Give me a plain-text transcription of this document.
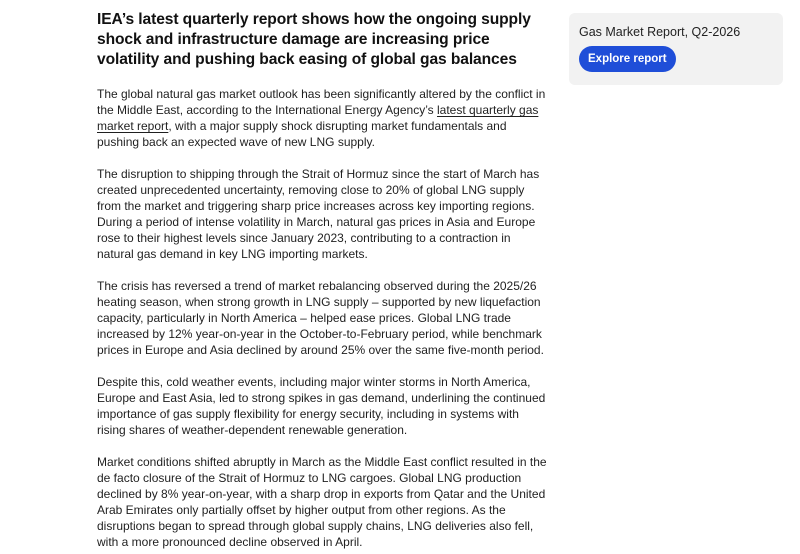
IEA’s latest quarterly report shows how the ongoing supply shock and infrastructure damage are increasing price volatility and pushing back easing of global gas balances

The global natural gas market outlook has been significantly altered by the conflict in the Middle East, according to the International Energy Agency’s latest quarterly gas market report, with a major supply shock disrupting market fundamentals and pushing back an expected wave of new LNG supply.

The disruption to shipping through the Strait of Hormuz since the start of March has created unprecedented uncertainty, removing close to 20% of global LNG supply from the market and triggering sharp price increases across key importing regions. During a period of intense volatility in March, natural gas prices in Asia and Europe rose to their highest levels since January 2023, contributing to a contraction in natural gas demand in key LNG importing markets.

The crisis has reversed a trend of market rebalancing observed during the 2025/26 heating season, when strong growth in LNG supply – supported by new liquefaction capacity, particularly in North America – helped ease prices. Global LNG trade increased by 12% year-on-year in the October-to-February period, while benchmark prices in Europe and Asia declined by around 25% over the same five-month period.

Despite this, cold weather events, including major winter storms in North America, Europe and East Asia, led to strong spikes in gas demand, underlining the continued importance of gas supply flexibility for energy security, including in systems with rising shares of weather-dependent renewable generation.

Market conditions shifted abruptly in March as the Middle East conflict resulted in the de facto closure of the Strait of Hormuz to LNG cargoes. Global LNG production declined by 8% year-on-year, with a sharp drop in exports from Qatar and the United Arab Emirates only partially offset by higher output from other regions. As the disruptions began to spread through global supply chains, LNG deliveries also fell, with a more pronounced decline observed in April.

Gas Market Report, Q2-2026
Explore report
